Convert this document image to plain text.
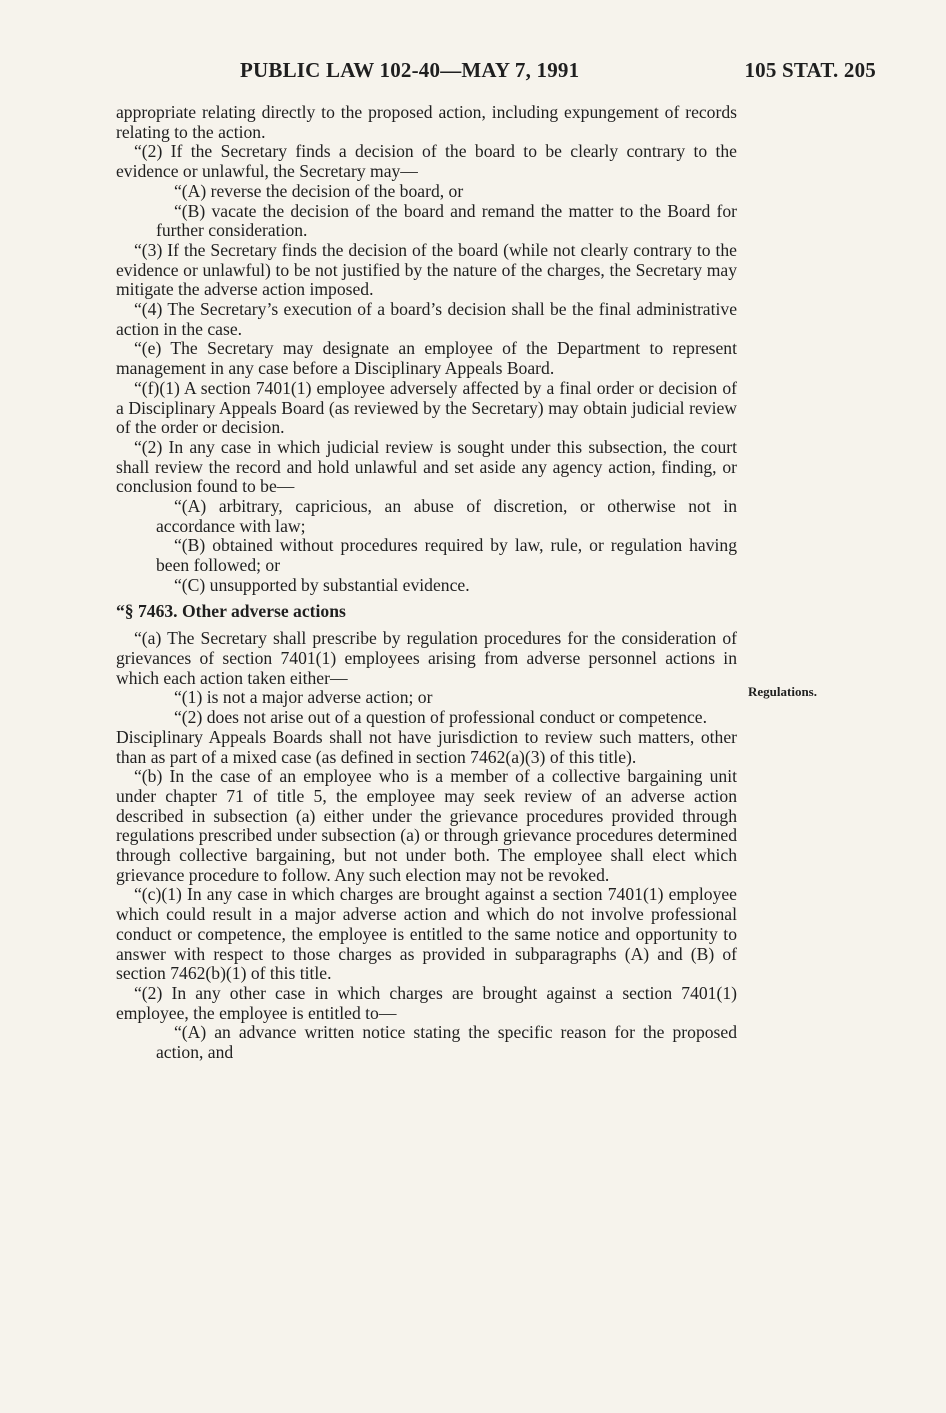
PUBLIC LAW 102-40—MAY 7, 1991	105 STAT. 205

appropriate relating directly to the proposed action, including expungement of records relating to the action.

“(2) If the Secretary finds a decision of the board to be clearly contrary to the evidence or unlawful, the Secretary may—

“(A) reverse the decision of the board, or

“(B) vacate the decision of the board and remand the matter to the Board for further consideration.

“(3) If the Secretary finds the decision of the board (while not clearly contrary to the evidence or unlawful) to be not justified by the nature of the charges, the Secretary may mitigate the adverse action imposed.

“(4) The Secretary’s execution of a board’s decision shall be the final administrative action in the case.

“(e) The Secretary may designate an employee of the Department to represent management in any case before a Disciplinary Appeals Board.

“(f)(1) A section 7401(1) employee adversely affected by a final order or decision of a Disciplinary Appeals Board (as reviewed by the Secretary) may obtain judicial review of the order or decision.

“(2) In any case in which judicial review is sought under this subsection, the court shall review the record and hold unlawful and set aside any agency action, finding, or conclusion found to be—

“(A) arbitrary, capricious, an abuse of discretion, or otherwise not in accordance with law;

“(B) obtained without procedures required by law, rule, or regulation having been followed; or

“(C) unsupported by substantial evidence.

“§ 7463. Other adverse actions

“(a) The Secretary shall prescribe by regulation procedures for the consideration of grievances of section 7401(1) employees arising from adverse personnel actions in which each action taken either—

“(1) is not a major adverse action; or

“(2) does not arise out of a question of professional conduct or competence.

Disciplinary Appeals Boards shall not have jurisdiction to review such matters, other than as part of a mixed case (as defined in section 7462(a)(3) of this title).

“(b) In the case of an employee who is a member of a collective bargaining unit under chapter 71 of title 5, the employee may seek review of an adverse action described in subsection (a) either under the grievance procedures provided through regulations prescribed under subsection (a) or through grievance procedures determined through collective bargaining, but not under both. The employee shall elect which grievance procedure to follow. Any such election may not be revoked.

“(c)(1) In any case in which charges are brought against a section 7401(1) employee which could result in a major adverse action and which do not involve professional conduct or competence, the employee is entitled to the same notice and opportunity to answer with respect to those charges as provided in subparagraphs (A) and (B) of section 7462(b)(1) of this title.

“(2) In any other case in which charges are brought against a section 7401(1) employee, the employee is entitled to—

“(A) an advance written notice stating the specific reason for the proposed action, and

Regulations.
